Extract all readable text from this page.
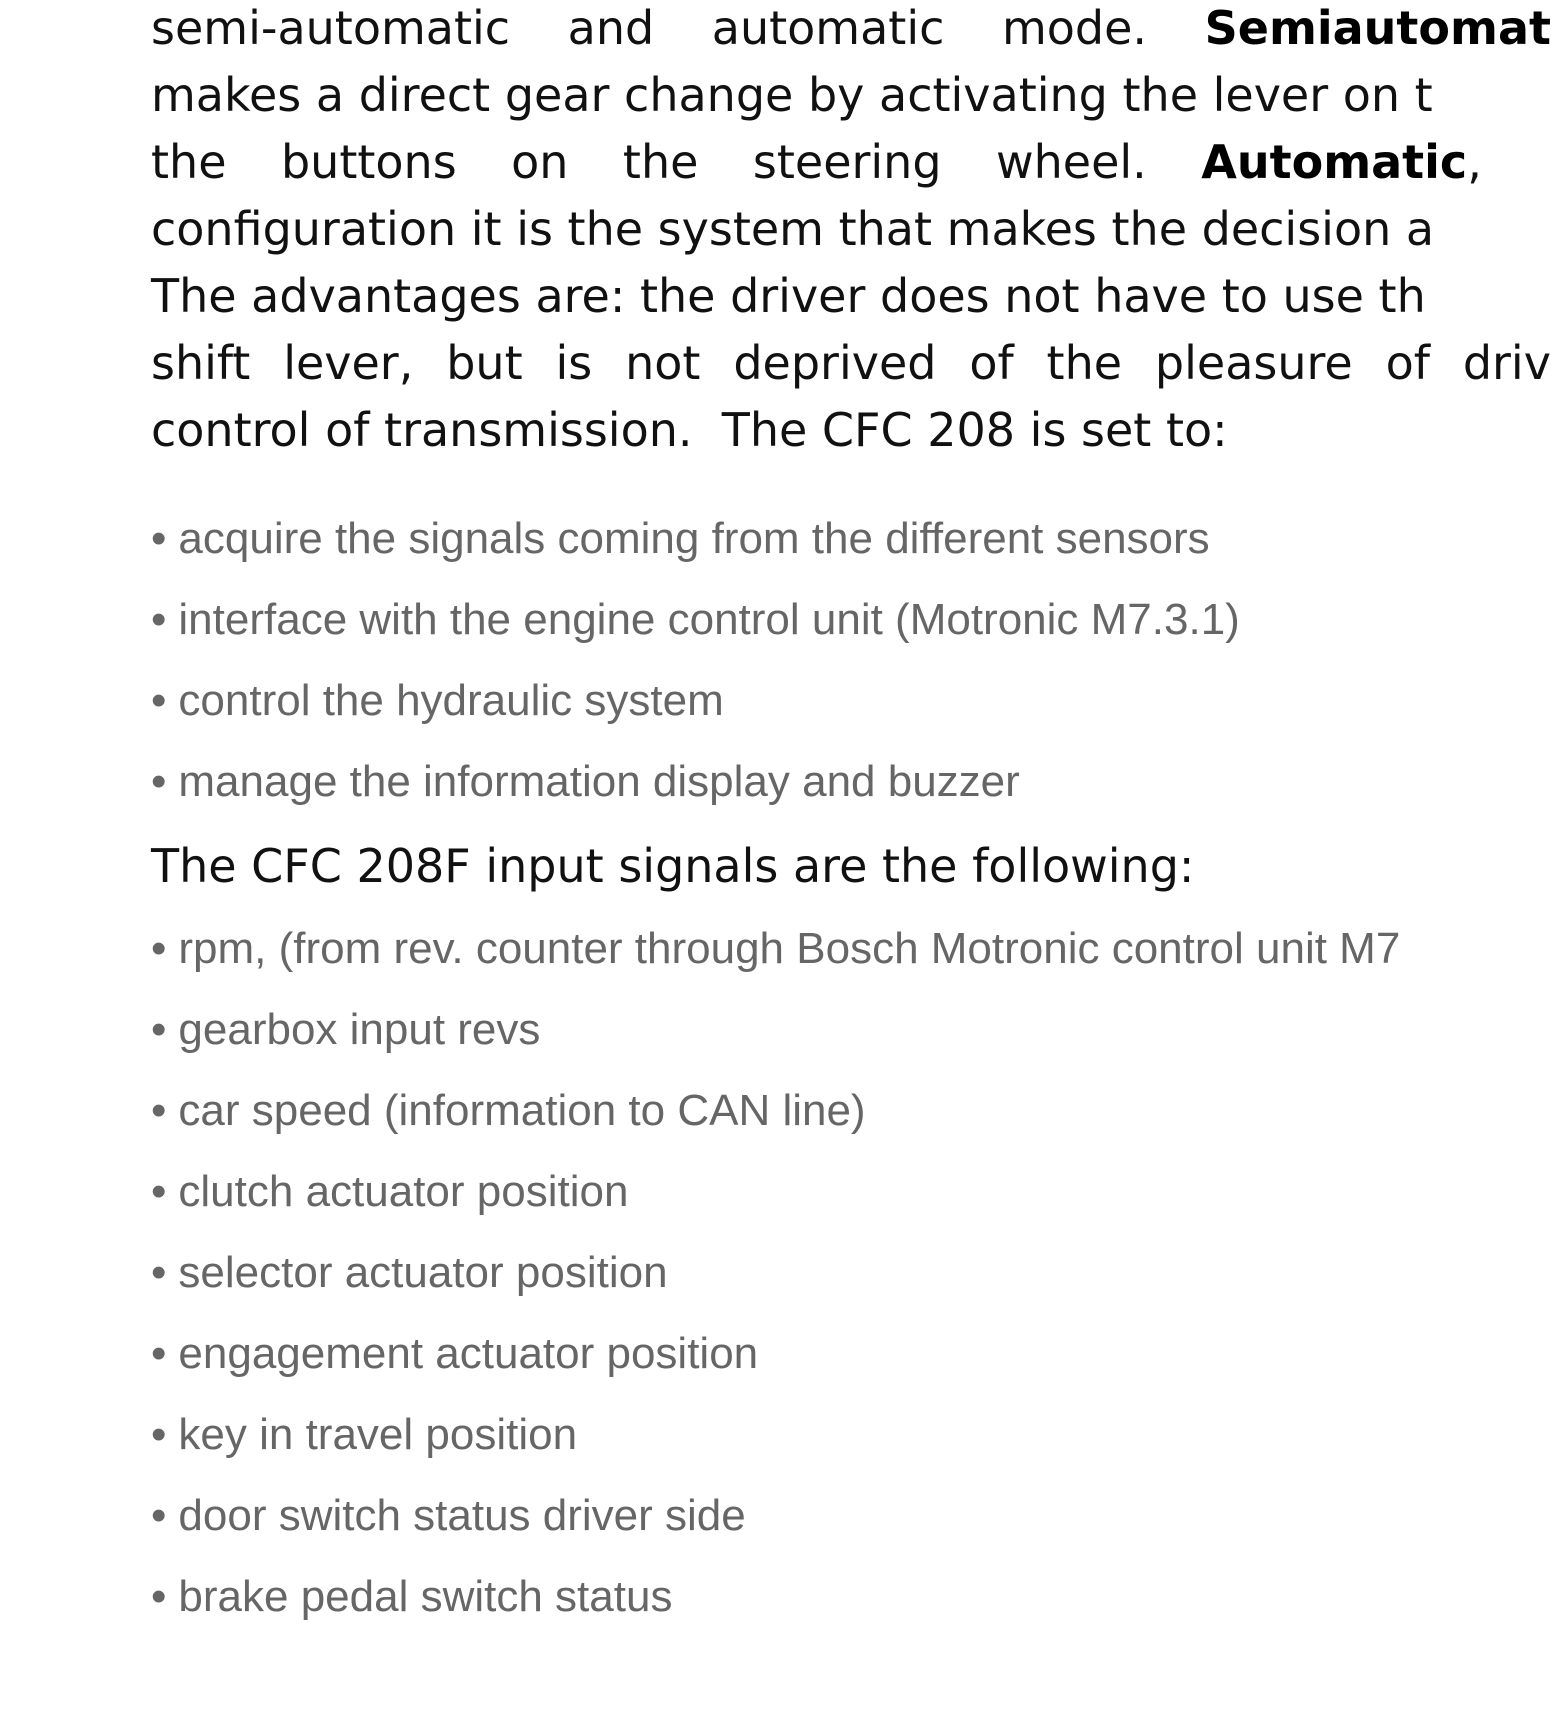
semi-automatic and automatic mode. Semiautomat
makes a direct gear change by activating the lever on t
the buttons on the steering wheel. Automatic,

configuration it is the system that makes the decision a
The advantages are: the driver does not have to use th
shift lever, but is not deprived of the pleasure of driv
control of transmission.  The CFC 208 is set to:
• acquire the signals coming from the different sensors
• interface with the engine control unit (Motronic M7.3.1)
• control the hydraulic system
• manage the information display and buzzer
The CFC 208F input signals are the following:
• rpm, (from rev. counter through Bosch Motronic control unit M7
• gearbox input revs
• car speed (information to CAN line)
• clutch actuator position
• selector actuator position
• engagement actuator position
• key in travel position
• door switch status driver side
• brake pedal switch status
